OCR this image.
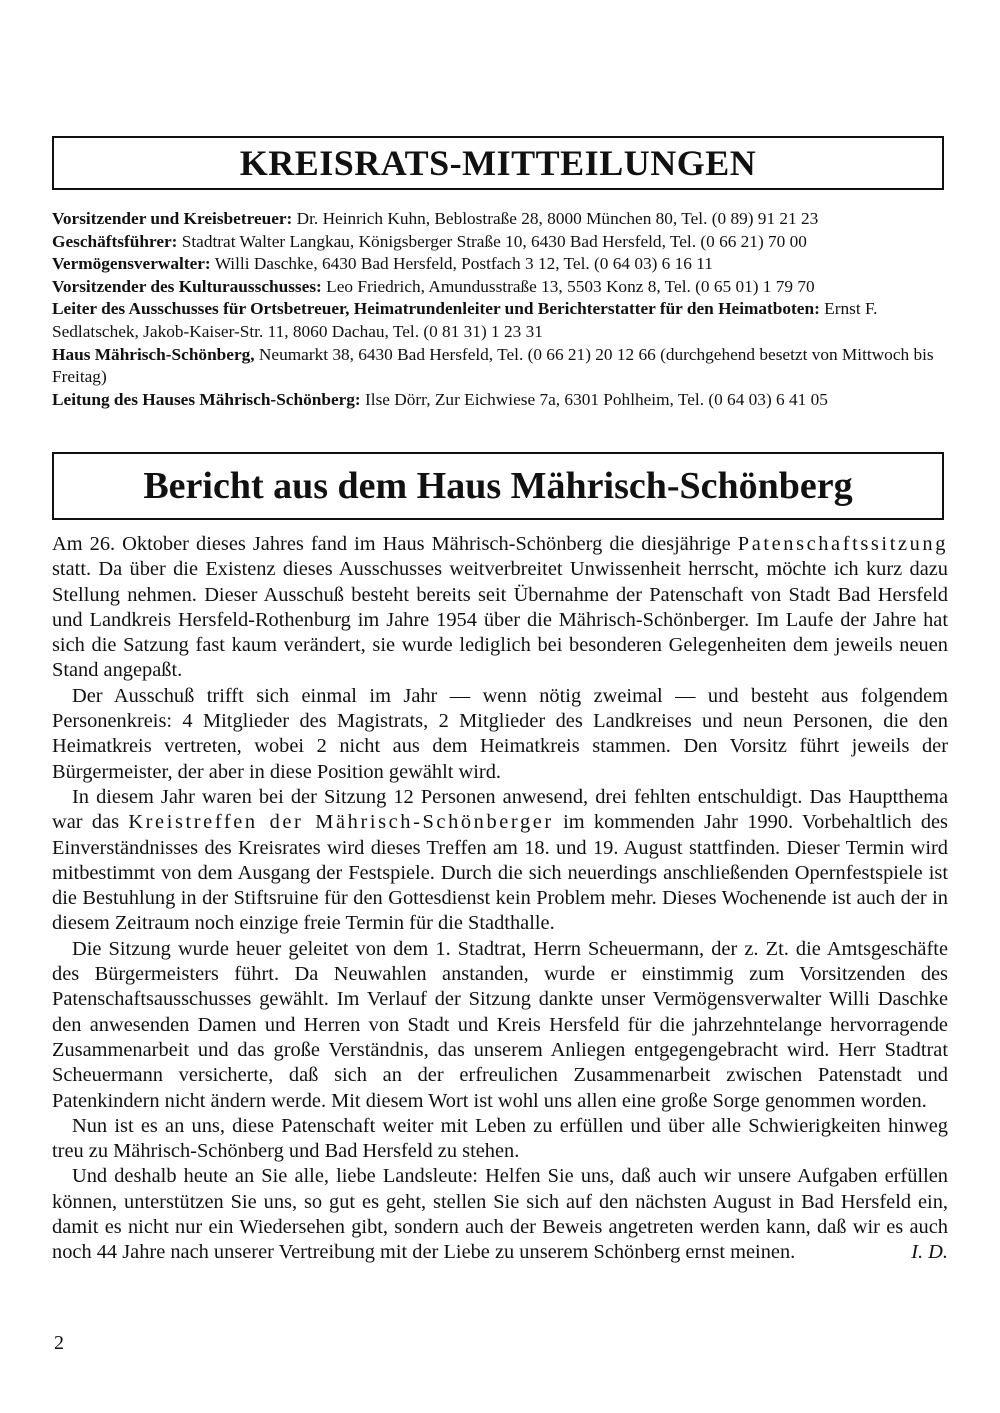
KREISRATS-MITTEILUNGEN

Vorsitzender und Kreisbetreuer: Dr. Heinrich Kuhn, Beblostraße 28, 8000 München 80, Tel. (0 89) 91 21 23

Geschäftsführer: Stadtrat Walter Langkau, Königsberger Straße 10, 6430 Bad Hersfeld, Tel. (0 66 21) 70 00

Vermögensverwalter: Willi Daschke, 6430 Bad Hersfeld, Postfach 3 12, Tel. (0 64 03) 6 16 11

Vorsitzender des Kulturausschusses: Leo Friedrich, Amundusstraße 13, 5503 Konz 8, Tel. (0 65 01) 1 79 70

Leiter des Ausschusses für Ortsbetreuer, Heimatrundenleiter und Berichterstatter für den Heimatboten: Ernst F. Sedlatschek, Jakob-Kaiser-Str. 11, 8060 Dachau, Tel. (0 81 31) 1 23 31

Haus Mährisch-Schönberg, Neumarkt 38, 6430 Bad Hersfeld, Tel. (0 66 21) 20 12 66 (durchgehend besetzt von Mittwoch bis Freitag)

Leitung des Hauses Mährisch-Schönberg: Ilse Dörr, Zur Eichwiese 7a, 6301 Pohlheim, Tel. (0 64 03) 6 41 05

Bericht aus dem Haus Mährisch-Schönberg

Am 26. Oktober dieses Jahres fand im Haus Mährisch-Schönberg die diesjährige Patenschaftssitzung statt. Da über die Existenz dieses Ausschusses weitverbreitet Unwissenheit herrscht, möchte ich kurz dazu Stellung nehmen. Dieser Ausschuß besteht bereits seit Übernahme der Patenschaft von Stadt Bad Hersfeld und Landkreis Hersfeld-Rothenburg im Jahre 1954 über die Mährisch-Schönberger. Im Laufe der Jahre hat sich die Satzung fast kaum verändert, sie wurde lediglich bei besonderen Gelegenheiten dem jeweils neuen Stand angepaßt.

Der Ausschuß trifft sich einmal im Jahr — wenn nötig zweimal — und besteht aus folgendem Personenkreis: 4 Mitglieder des Magistrats, 2 Mitglieder des Landkreises und neun Personen, die den Heimatkreis vertreten, wobei 2 nicht aus dem Heimatkreis stammen. Den Vorsitz führt jeweils der Bürgermeister, der aber in diese Position gewählt wird.

In diesem Jahr waren bei der Sitzung 12 Personen anwesend, drei fehlten entschuldigt. Das Hauptthema war das Kreistreffen der Mährisch-Schönberger im kommenden Jahr 1990. Vorbehaltlich des Einverständnisses des Kreisrates wird dieses Treffen am 18. und 19. August stattfinden. Dieser Termin wird mitbestimmt von dem Ausgang der Festspiele. Durch die sich neuerdings anschließenden Opernfestspiele ist die Bestuhlung in der Stiftsruine für den Gottesdienst kein Problem mehr. Dieses Wochenende ist auch der in diesem Zeitraum noch einzige freie Termin für die Stadthalle.

Die Sitzung wurde heuer geleitet von dem 1. Stadtrat, Herrn Scheuermann, der z. Zt. die Amtsgeschäfte des Bürgermeisters führt. Da Neuwahlen anstanden, wurde er einstimmig zum Vorsitzenden des Patenschaftsausschusses gewählt. Im Verlauf der Sitzung dankte unser Vermögensverwalter Willi Daschke den anwesenden Damen und Herren von Stadt und Kreis Hersfeld für die jahrzehntelange hervorragende Zusammenarbeit und das große Verständnis, das unserem Anliegen entgegengebracht wird. Herr Stadtrat Scheuermann versicherte, daß sich an der erfreulichen Zusammenarbeit zwischen Patenstadt und Patenkindern nicht ändern werde. Mit diesem Wort ist wohl uns allen eine große Sorge genommen worden.

Nun ist es an uns, diese Patenschaft weiter mit Leben zu erfüllen und über alle Schwierigkeiten hinweg treu zu Mährisch-Schönberg und Bad Hersfeld zu stehen.

Und deshalb heute an Sie alle, liebe Landsleute: Helfen Sie uns, daß auch wir unsere Aufgaben erfüllen können, unterstützen Sie uns, so gut es geht, stellen Sie sich auf den nächsten August in Bad Hersfeld ein, damit es nicht nur ein Wiedersehen gibt, sondern auch der Beweis angetreten werden kann, daß wir es auch noch 44 Jahre nach unserer Vertreibung mit der Liebe zu unserem Schönberg ernst meinen.	I. D.

2
